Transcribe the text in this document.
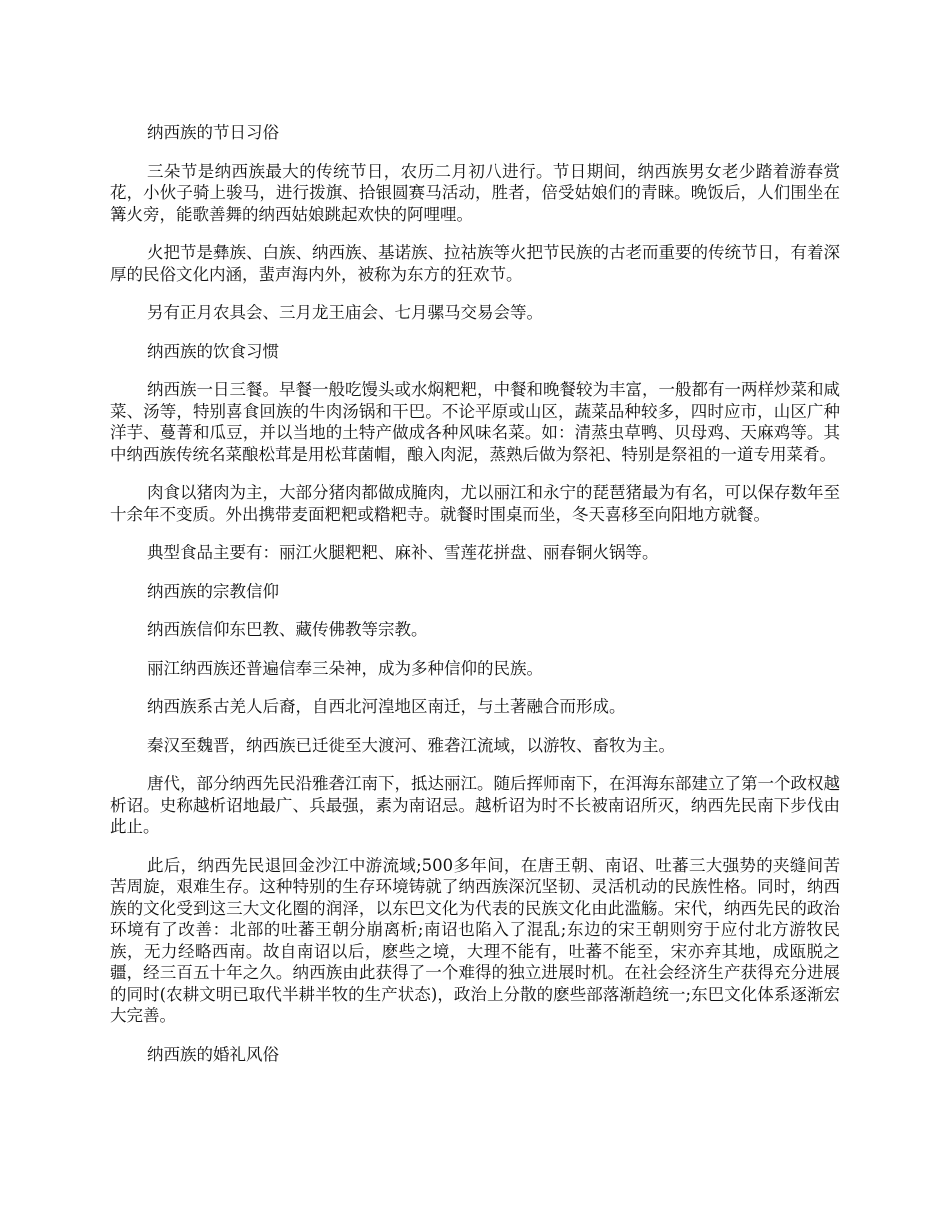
纳西族的节日习俗

三朵节是纳西族最大的传统节日，农历二月初八进行。节日期间，纳西族男女老少踏着游春赏花，小伙子骑上骏马，进行拨旗、拾银圆赛马活动，胜者，倍受姑娘们的青睐。晚饭后，人们围坐在篝火旁，能歌善舞的纳西姑娘跳起欢快的阿哩哩。

火把节是彝族、白族、纳西族、基诺族、拉祜族等火把节民族的古老而重要的传统节日，有着深厚的民俗文化内涵，蜚声海内外，被称为东方的狂欢节。

另有正月农具会、三月龙王庙会、七月骡马交易会等。

纳西族的饮食习惯

纳西族一日三餐。早餐一般吃馒头或水焖粑粑，中餐和晚餐较为丰富，一般都有一两样炒菜和咸菜、汤等，特别喜食回族的牛肉汤锅和干巴。不论平原或山区，蔬菜品种较多，四时应市，山区广种洋芋、蔓菁和瓜豆，并以当地的土特产做成各种风味名菜。如：清蒸虫草鸭、贝母鸡、天麻鸡等。其中纳西族传统名菜酿松茸是用松茸菌帽，酿入肉泥，蒸熟后做为祭祀、特别是祭祖的一道专用菜肴。

肉食以猪肉为主，大部分猪肉都做成腌肉，尤以丽江和永宁的琵琶猪最为有名，可以保存数年至十余年不变质。外出携带麦面粑粑或糌粑寺。就餐时围桌而坐，冬天喜移至向阳地方就餐。

典型食品主要有：丽江火腿粑粑、麻补、雪莲花拼盘、丽春铜火锅等。

纳西族的宗教信仰

纳西族信仰东巴教、藏传佛教等宗教。

丽江纳西族还普遍信奉三朵神，成为多种信仰的民族。

纳西族系古羌人后裔，自西北河湟地区南迁，与土著融合而形成。

秦汉至魏晋，纳西族已迁徙至大渡河、雅砻江流域，以游牧、畜牧为主。

唐代，部分纳西先民沿雅砻江南下，抵达丽江。随后挥师南下，在洱海东部建立了第一个政权越析诏。史称越析诏地最广、兵最强，素为南诏忌。越析诏为时不长被南诏所灭，纳西先民南下步伐由此止。

此后，纳西先民退回金沙江中游流域;500多年间，在唐王朝、南诏、吐蕃三大强势的夹缝间苦苦周旋，艰难生存。这种特别的生存环境铸就了纳西族深沉坚韧、灵活机动的民族性格。同时，纳西族的文化受到这三大文化圈的润泽，以东巴文化为代表的民族文化由此滥觞。宋代，纳西先民的政治环境有了改善：北部的吐蕃王朝分崩离析;南诏也陷入了混乱;东边的宋王朝则穷于应付北方游牧民族，无力经略西南。故自南诏以后，麽些之境，大理不能有，吐蕃不能至，宋亦弃其地，成瓯脱之疆，经三百五十年之久。纳西族由此获得了一个难得的独立进展时机。在社会经济生产获得充分进展的同时(农耕文明已取代半耕半牧的生产状态)，政治上分散的麽些部落渐趋统一;东巴文化体系逐渐宏大完善。

纳西族的婚礼风俗
